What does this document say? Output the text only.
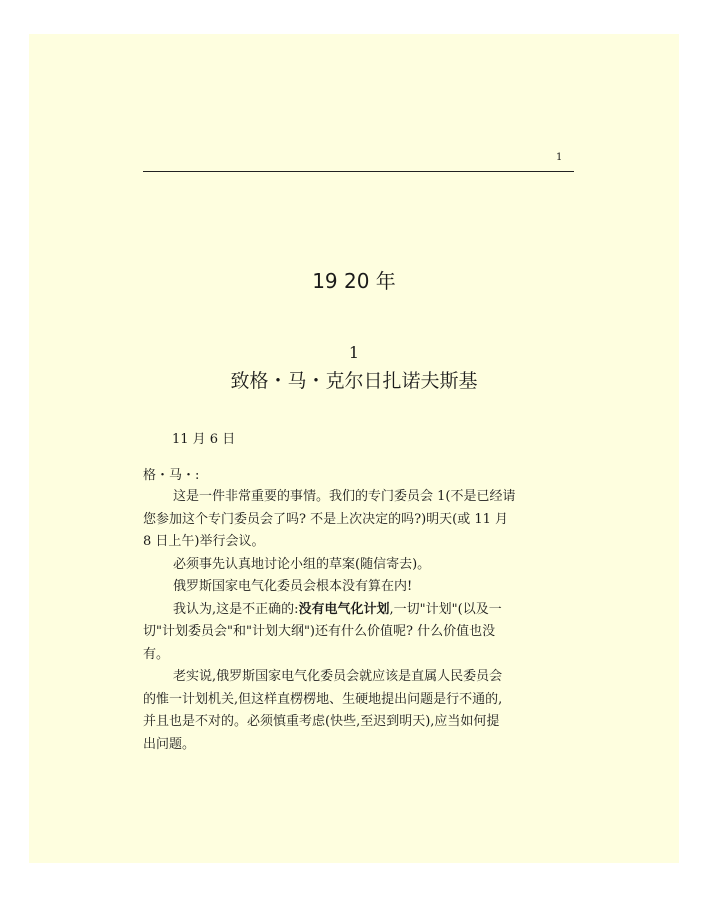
1
19 20 年
1
致格・马・克尔日扎诺夫斯基
11 月 6 日
格・马・:
这是一件非常重要的事情。我们的专门委员会 1(不是已经请
您参加这个专门委员会了吗? 不是上次决定的吗?)明天(或 11 月
8 日上午)举行会议。
必须事先认真地讨论小组的草案(随信寄去)。
俄罗斯国家电气化委员会根本没有算在内!
我认为,这是不正确的:没有电气化计划,一切"计划"(以及一
切"计划委员会"和"计划大纲")还有什么价值呢? 什么价值也没
有。
老实说,俄罗斯国家电气化委员会就应该是直属人民委员会
的惟一计划机关,但这样直楞楞地、生硬地提出问题是行不通的,
并且也是不对的。必须慎重考虑(快些,至迟到明天),应当如何提
出问题。
